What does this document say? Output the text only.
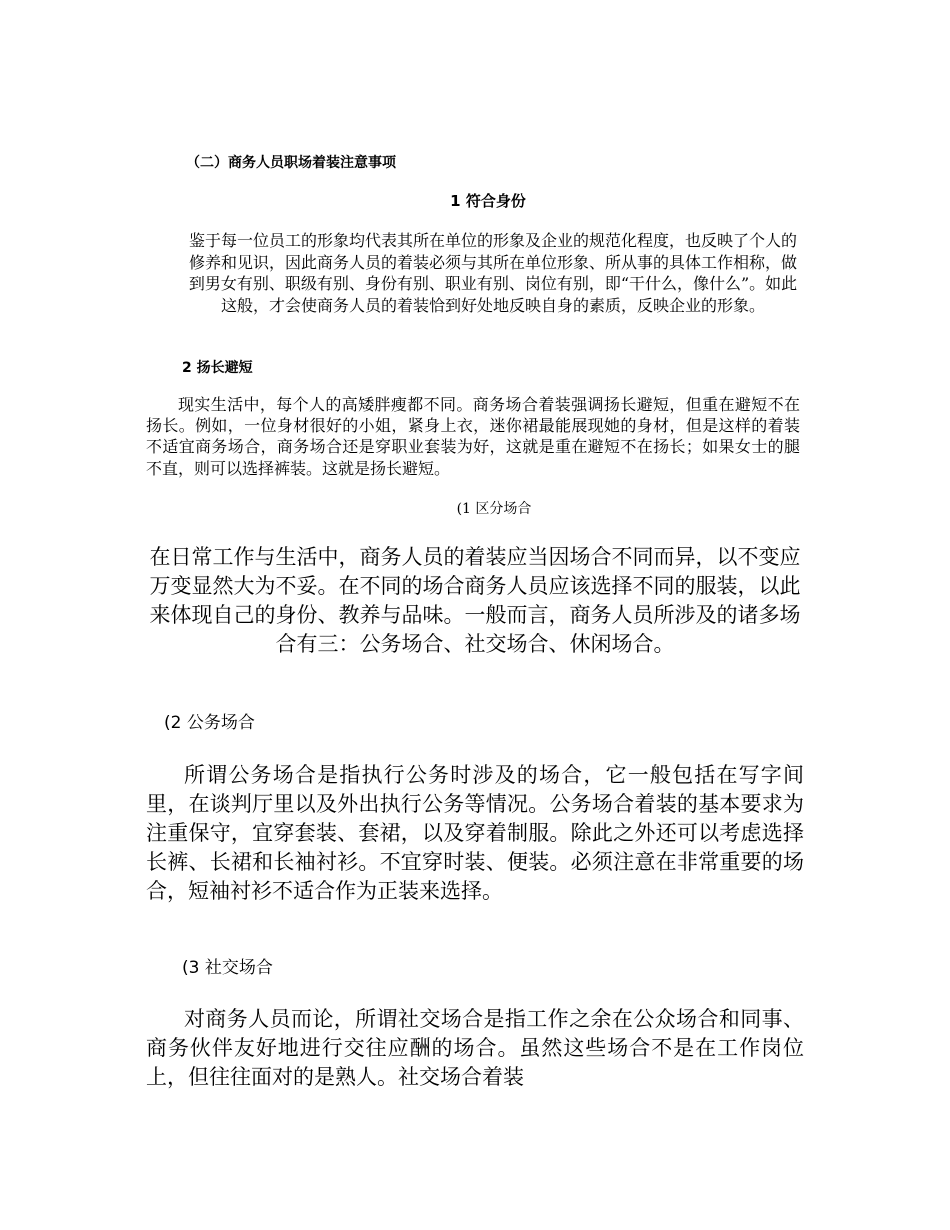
（二）商务人员职场着装注意事项

1 符合身份

鉴于每一位员工的形象均代表其所在单位的形象及企业的规范化程度，也反映了个人的修养和见识，因此商务人员的着装必须与其所在单位形象、所从事的具体工作相称，做到男女有别、职级有别、身份有别、职业有别、岗位有别，即“干什么，像什么”。如此这般，才会使商务人员的着装恰到好处地反映自身的素质，反映企业的形象。

2 扬长避短

现实生活中，每个人的高矮胖瘦都不同。商务场合着装强调扬长避短，但重在避短不在扬长。例如，一位身材很好的小姐，紧身上衣，迷你裙最能展现她的身材，但是这样的着装不适宜商务场合，商务场合还是穿职业套装为好，这就是重在避短不在扬长；如果女士的腿不直，则可以选择裤装。这就是扬长避短。

(1 区分场合

在日常工作与生活中，商务人员的着装应当因场合不同而异，以不变应万变显然大为不妥。在不同的场合商务人员应该选择不同的服装，以此来体现自己的身份、教养与品味。一般而言，商务人员所涉及的诸多场合有三：公务场合、社交场合、休闲场合。

(2 公务场合

所谓公务场合是指执行公务时涉及的场合，它一般包括在写字间里，在谈判厅里以及外出执行公务等情况。公务场合着装的基本要求为注重保守，宜穿套装、套裙，以及穿着制服。除此之外还可以考虑选择长裤、长裙和长袖衬衫。不宜穿时装、便装。必须注意在非常重要的场合，短袖衬衫不适合作为正装来选择。

(3 社交场合

对商务人员而论，所谓社交场合是指工作之余在公众场合和同事、商务伙伴友好地进行交往应酬的场合。虽然这些场合不是在工作岗位上，但往往面对的是熟人。社交场合着装
